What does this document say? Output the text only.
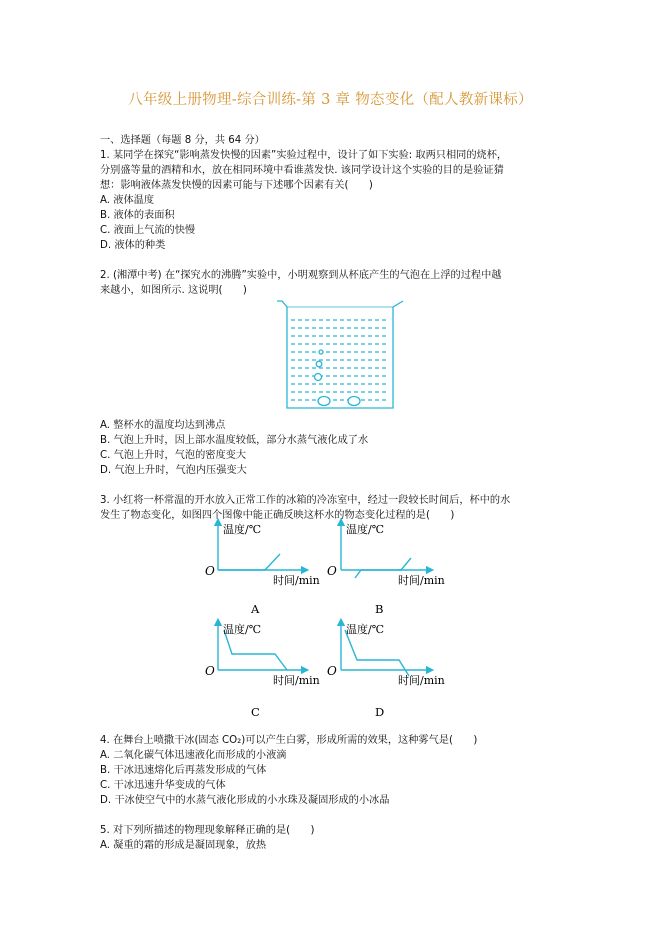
八年级上册物理-综合训练-第 3 章 物态变化（配人教新课标）
一、选择题（每题 8 分，共 64 分）
1. 某同学在探究“影响蒸发快慢的因素”实验过程中，设计了如下实验: 取两只相同的烧杯，
分别盛等量的酒精和水，放在相同环境中看谁蒸发快. 该同学设计这个实验的目的是验证猜
想：影响液体蒸发快慢的因素可能与下述哪个因素有关(　　)
A. 液体温度
B. 液体的表面积
C. 液面上气流的快慢
D. 液体的种类
2. (湘潭中考) 在“探究水的沸腾”实验中，小明观察到从杯底产生的气泡在上浮的过程中越
来越小，如图所示. 这说明(　　)
A. 整杯水的温度均达到沸点
B. 气泡上升时，因上部水温度较低，部分水蒸气液化成了水
C. 气泡上升时，气泡的密度变大
D. 气泡上升时，气泡内压强变大
3. 小红将一杯常温的开水放入正常工作的冰箱的冷冻室中，经过一段较长时间后，杯中的水
发生了物态变化，如图四个图像中能正确反映这杯水的物态变化过程的是(　　)
温度/℃
O
时间/min
A
温度/℃
O
时间/min
B
温度/℃
O
时间/min
C
温度/℃
O
时间/min
D
4. 在舞台上喷撒干冰(固态 CO₂)可以产生白雾，形成所需的效果，这种雾气是(　　)
A. 二氧化碳气体迅速液化而形成的小液滴
B. 干冰迅速熔化后再蒸发形成的气体
C. 干冰迅速升华变成的气体
D. 干冰使空气中的水蒸气液化形成的小水珠及凝固形成的小冰晶
5. 对下列所描述的物理现象解释正确的是(　　)
A. 凝重的霜的形成是凝固现象，放热
